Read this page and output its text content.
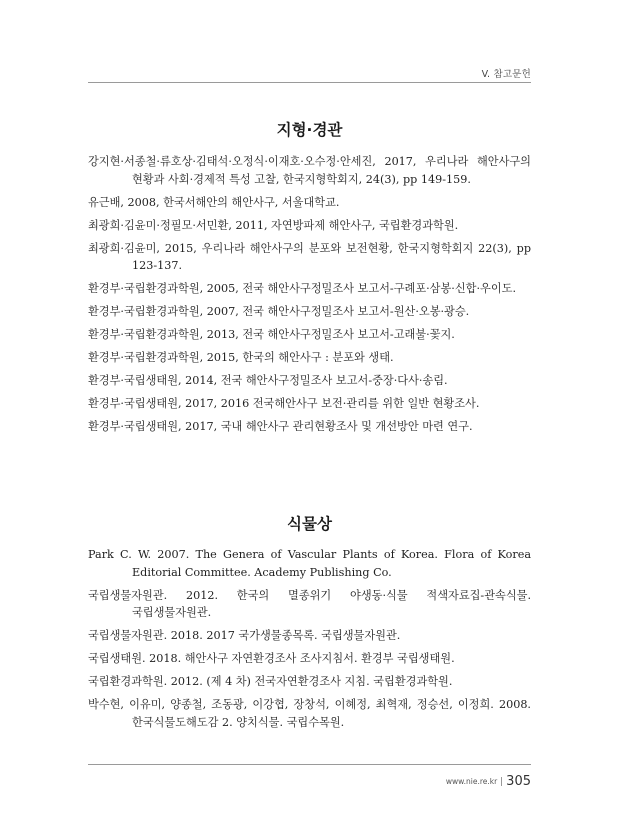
V. 참고문헌
지형·경관

강지현·서종철·류호상·김태석·오정식·이재호·오수정·안세진, 2017, 우리나라 해안사구의 현황과 사회·경제적 특성 고찰, 한국지형학회지, 24(3), pp 149-159.

유근배, 2008, 한국서해안의 해안사구, 서울대학교.

최광희·김윤미·정필모·서민환, 2011, 자연방파제 해안사구, 국립환경과학원.

최광희·김윤미, 2015, 우리나라 해안사구의 분포와 보전현황, 한국지형학회지 22(3), pp 123-137.

환경부·국립환경과학원, 2005, 전국 해안사구정밀조사 보고서-구례포·삼봉·신합·우이도.

환경부·국립환경과학원, 2007, 전국 해안사구정밀조사 보고서-원산·오봉·광승.

환경부·국립환경과학원, 2013, 전국 해안사구정밀조사 보고서-고래불·꽃지.

환경부·국립환경과학원, 2015, 한국의 해안사구 : 분포와 생태.

환경부·국립생태원, 2014, 전국 해안사구정밀조사 보고서-중장·다사·송림.

환경부·국립생태원, 2017, 2016 전국해안사구 보전·관리를 위한 일반 현황조사.

환경부·국립생태원, 2017, 국내 해안사구 관리현황조사 및 개선방안 마련 연구.

식물상

Park C. W. 2007. The Genera of Vascular Plants of Korea. Flora of Korea Editorial Committee. Academy Publishing Co.

국립생물자원관. 2012. 한국의 멸종위기 야생동·식물 적색자료집-관속식물. 국립생물자원관.

국립생물자원관. 2018. 2017 국가생물종목록. 국립생물자원관.

국립생태원. 2018. 해안사구 자연환경조사 조사지침서. 환경부 국립생태원.

국립환경과학원. 2012. (제 4 차) 전국자연환경조사 지침. 국립환경과학원.

박수현, 이유미, 양종철, 조동광, 이강협, 장창석, 이혜정, 최혁재, 정승선, 이정희. 2008. 한국식물도해도감 2. 양치식물. 국립수목원.

www.nie.re.kr 305
